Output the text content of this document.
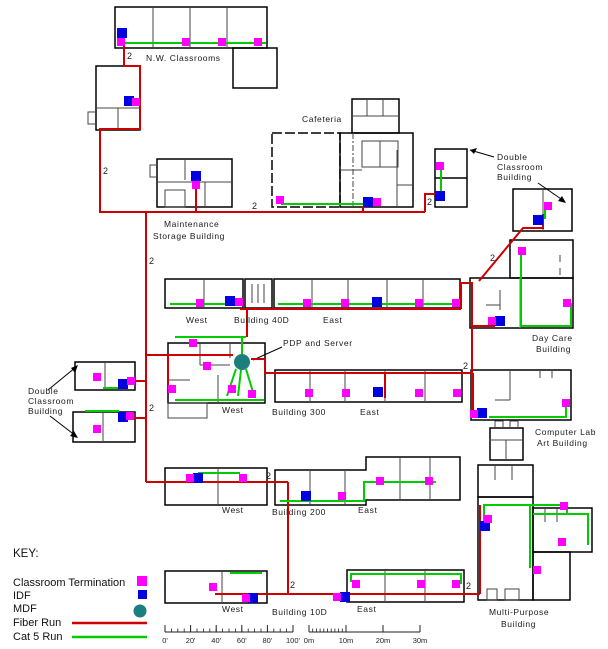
N.W. Classrooms
Cafeteria
Double
Classroom
Building
Maintenance
Storage Building
West	Building 40D	East
Day Care
Building
PDP and Server
Double
Classroom
Building	West	Building 300	East
Computer Lab
Art Building
West	Building 200	East
West	Building 10D	East	Multi-Purpose
Building
2
2
2
2	2
2
2
2
2
2	2
KEY:
Classroom Termination
IDF
MDF
Fiber Run
Cat 5 Run	0' 20' 40' 60' 80' 100' 0m	10m	20m	30m
